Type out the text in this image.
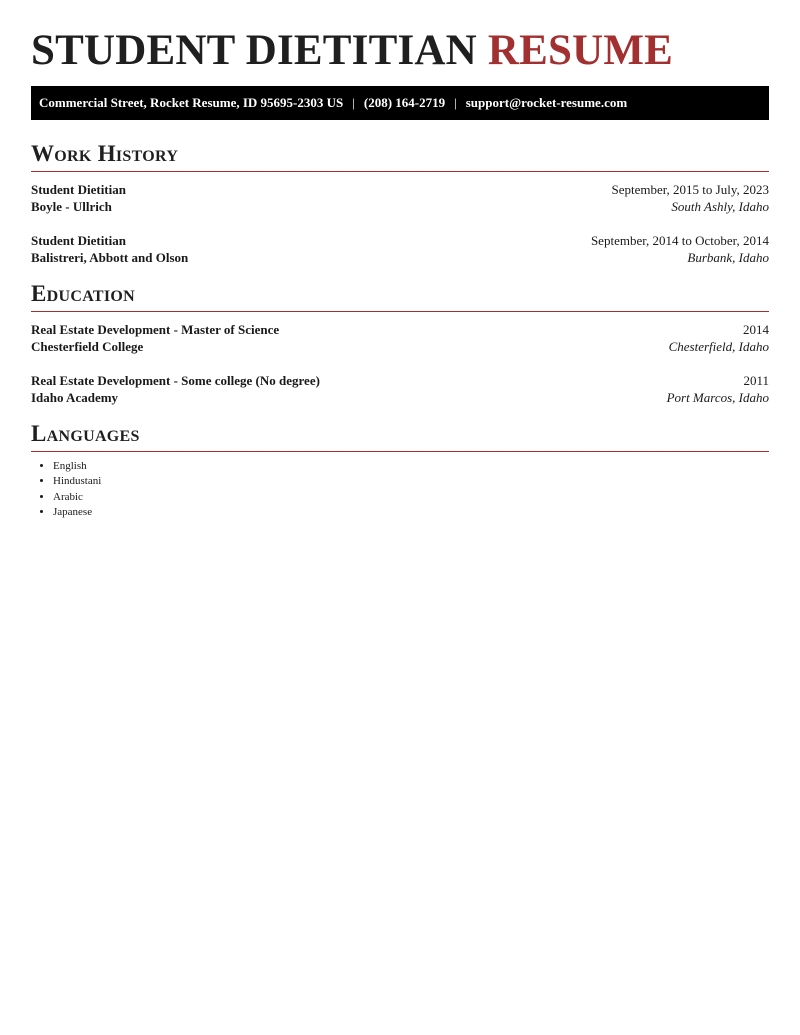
STUDENT DIETITIAN RESUME
Commercial Street, Rocket Resume, ID 95695-2303 US | (208) 164-2719 | support@rocket-resume.com
Work History
Student Dietitian	September, 2015 to July, 2023
Boyle - Ullrich	South Ashly, Idaho
Student Dietitian	September, 2014 to October, 2014
Balistreri, Abbott and Olson	Burbank, Idaho
Education
Real Estate Development - Master of Science	2014
Chesterfield College	Chesterfield, Idaho
Real Estate Development - Some college (No degree)	2011
Idaho Academy	Port Marcos, Idaho
Languages
• English
• Hindustani
• Arabic
• Japanese
